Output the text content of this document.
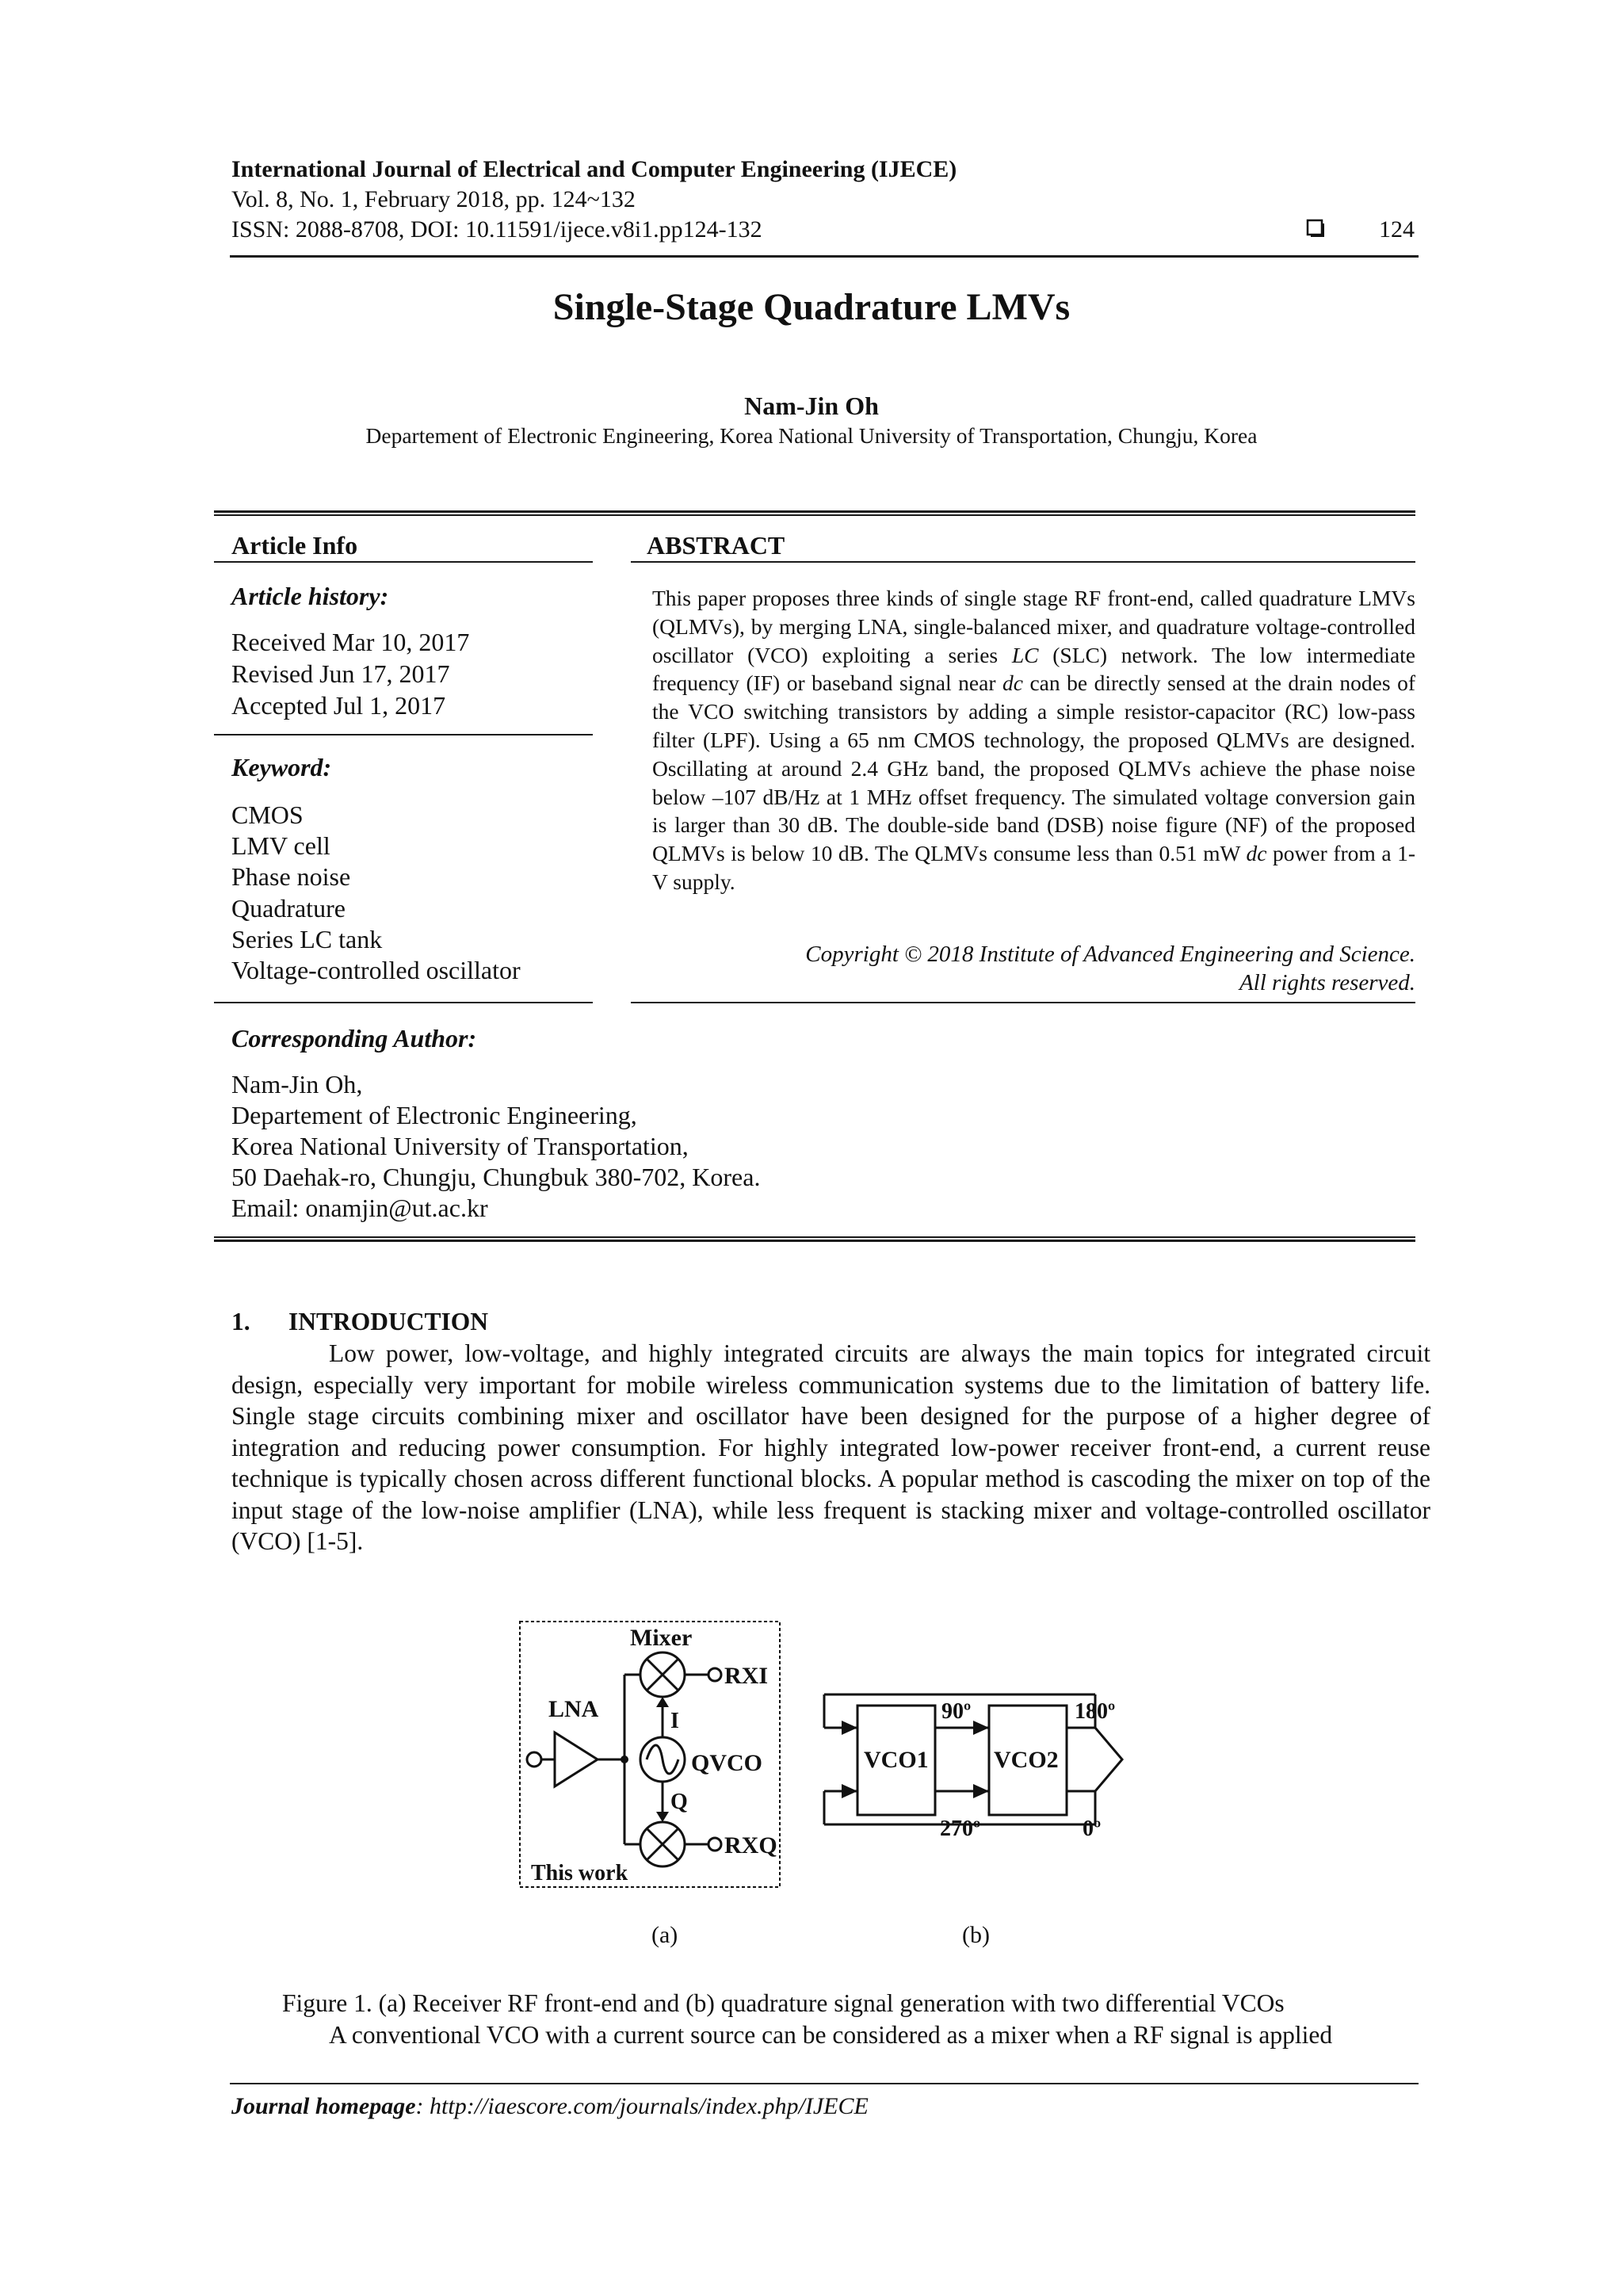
International Journal of Electrical and Computer Engineering (IJECE)
Vol. 8, No. 1, February 2018, pp. 124~132
ISSN: 2088-8708, DOI: 10.11591/ijece.v8i1.pp124-132	124
Single-Stage Quadrature LMVs
Nam-Jin Oh
Departement of Electronic Engineering, Korea National University of Transportation, Chungju, Korea
Article Info	ABSTRACT
Article history:
Received Mar 10, 2017
Revised Jun 17, 2017
Accepted Jul 1, 2017
Keyword:
CMOS
LMV cell
Phase noise
Quadrature
Series LC tank
Voltage-controlled oscillator

This paper proposes three kinds of single stage RF front-end, called quadrature LMVs (QLMVs), by merging LNA, single-balanced mixer, and quadrature voltage-controlled oscillator (VCO) exploiting a series LC (SLC) network. The low intermediate frequency (IF) or baseband signal near dc can be directly sensed at the drain nodes of the VCO switching transistors by adding a simple resistor-capacitor (RC) low-pass filter (LPF). Using a 65 nm CMOS technology, the proposed QLMVs are designed. Oscillating at around 2.4 GHz band, the proposed QLMVs achieve the phase noise below –107 dB/Hz at 1 MHz offset frequency. The simulated voltage conversion gain is larger than 30 dB. The double-side band (DSB) noise figure (NF) of the proposed QLMVs is below 10 dB. The QLMVs consume less than 0.51 mW dc power from a 1-V supply.

Copyright © 2018 Institute of Advanced Engineering and Science.
All rights reserved.
Corresponding Author:
Nam-Jin Oh,
Departement of Electronic Engineering,
Korea National University of Transportation,
50 Daehak-ro, Chungju, Chungbuk 380-702, Korea.
Email: onamjin@ut.ac.kr
1. INTRODUCTION

Low power, low-voltage, and highly integrated circuits are always the main topics for integrated circuit design, especially very important for mobile wireless communication systems due to the limitation of battery life. Single stage circuits combining mixer and oscillator have been designed for the purpose of a higher degree of integration and reducing power consumption. For highly integrated low-power receiver front-end, a current reuse technique is typically chosen across different functional blocks. A popular method is cascoding the mixer on top of the input stage of the low-noise amplifier (LNA), while less frequent is stacking mixer and voltage-controlled oscillator (VCO) [1-5].

Mixer
LNA
RXI
RXQ
QVCO
I
Q
This work
VCO1	VCO2
90º
270º
180º
0º
(a)	(b)
Figure 1. (a) Receiver RF front-end and (b) quadrature signal generation with two differential VCOs
A conventional VCO with a current source can be considered as a mixer when a RF signal is applied
Journal homepage: http://iaescore.com/journals/index.php/IJECE
